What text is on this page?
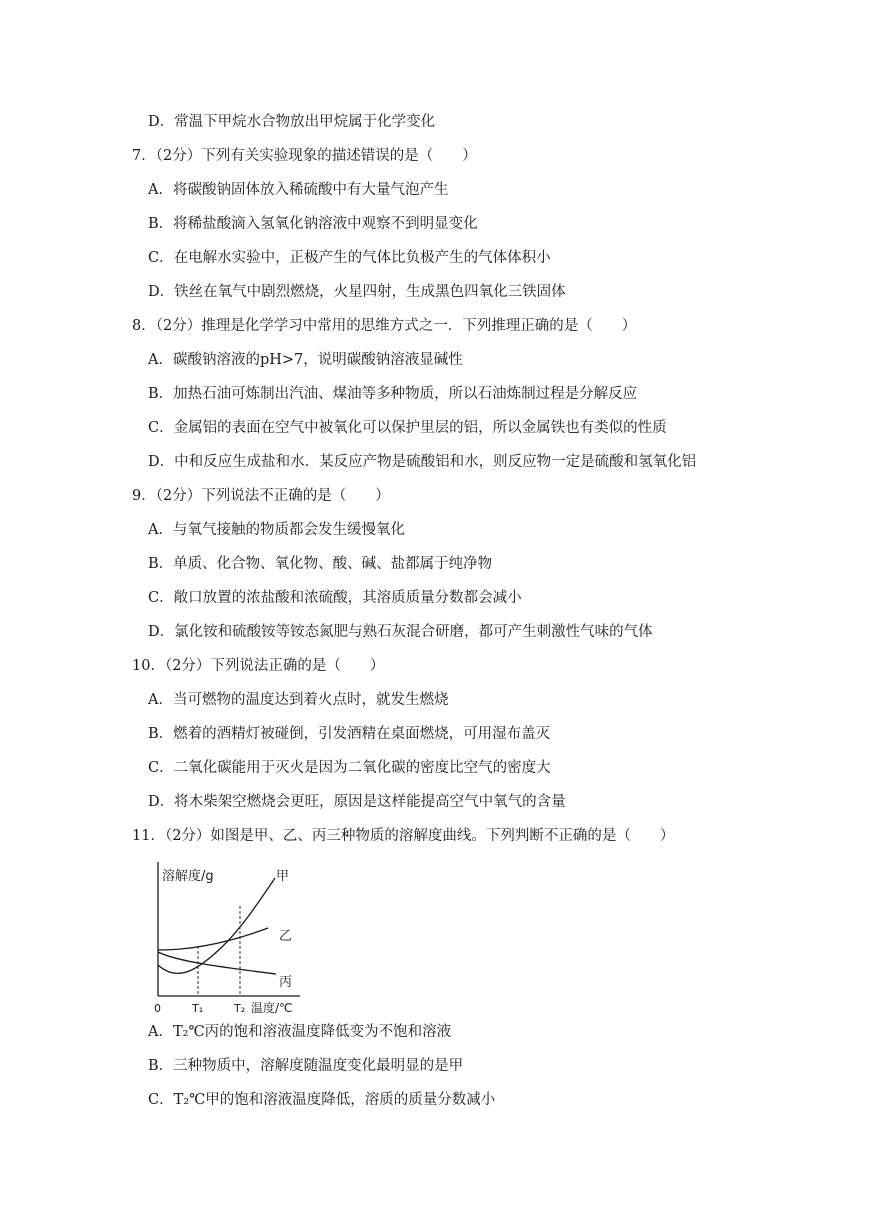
D．常温下甲烷水合物放出甲烷属于化学变化
7．（2分）下列有关实验现象的描述错误的是（　　）
A．将碳酸钠固体放入稀硫酸中有大量气泡产生
B．将稀盐酸滴入氢氧化钠溶液中观察不到明显变化
C．在电解水实验中，正极产生的气体比负极产生的气体体积小
D．铁丝在氧气中剧烈燃烧，火星四射，生成黑色四氧化三铁固体
8．（2分）推理是化学学习中常用的思维方式之一．下列推理正确的是（　　）
A．碳酸钠溶液的pH>7，说明碳酸钠溶液显碱性
B．加热石油可炼制出汽油、煤油等多种物质，所以石油炼制过程是分解反应
C．金属铝的表面在空气中被氧化可以保护里层的铝，所以金属铁也有类似的性质
D．中和反应生成盐和水．某反应产物是硫酸铝和水，则反应物一定是硫酸和氢氧化铝
9．（2分）下列说法不正确的是（　　）
A．与氧气接触的物质都会发生缓慢氧化
B．单质、化合物、氧化物、酸、碱、盐都属于纯净物
C．敞口放置的浓盐酸和浓硫酸，其溶质质量分数都会减小
D．氯化铵和硫酸铵等铵态氮肥与熟石灰混合研磨，都可产生刺激性气味的气体
10．（2分）下列说法正确的是（　　）
A．当可燃物的温度达到着火点时，就发生燃烧
B．燃着的酒精灯被碰倒，引发酒精在桌面燃烧，可用湿布盖灭
C．二氧化碳能用于灭火是因为二氧化碳的密度比空气的密度大
D．将木柴架空燃烧会更旺，原因是这样能提高空气中氧气的含量
11．（2分）如图是甲、乙、丙三种物质的溶解度曲线。下列判断不正确的是（　　）
溶解度/g	甲
乙
丙
0	T₁	T₂ 温度/℃
A．T₂℃丙的饱和溶液温度降低变为不饱和溶液
B．三种物质中，溶解度随温度变化最明显的是甲
C．T₂℃甲的饱和溶液温度降低，溶质的质量分数减小
